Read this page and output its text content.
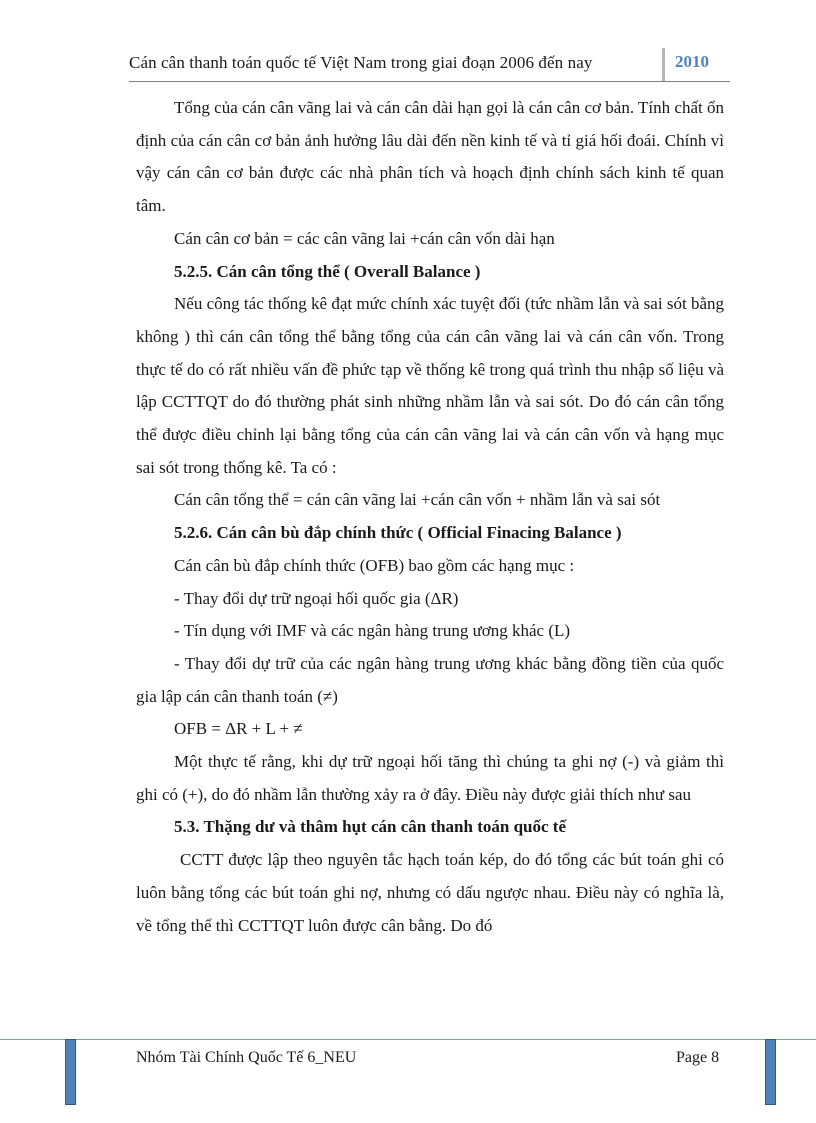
Cán cân thanh toán quốc tế Việt Nam trong giai đoạn 2006 đến nay	2010

Tổng của cán cân vãng lai và cán cân dài hạn gọi là cán cân cơ bản. Tính chất ổn định của cán cân cơ bản ảnh hưởng lâu dài đến nền kinh tế và tỉ giá hối đoái. Chính vì vậy cán cân cơ bản được các nhà phân tích và hoạch định chính sách kinh tế quan tâm.

Cán cân cơ bản = các cân vãng lai +cán cân vốn dài hạn

5.2.5. Cán cân tổng thể ( Overall Balance )

Nếu công tác thống kê đạt mức chính xác tuyệt đối (tức nhầm lẫn và sai sót bằng không ) thì cán cân tổng thể bằng tổng của cán cân vãng lai và cán cân vốn. Trong thực tế do có rất nhiều vấn đề phức tạp về thống kê trong quá trình thu nhập số liệu và lập CCTTQT do đó thường phát sinh những nhầm lẫn và sai sót. Do đó cán cân tổng thể được điều chỉnh lại bằng tổng của cán cân vãng lai và cán cân vốn và hạng mục sai sót trong thống kê. Ta có :

Cán cân tổng thể = cán cân vãng lai +cán cân vốn + nhầm lẫn và sai sót

5.2.6. Cán cân bù đắp chính thức ( Official Finacing Balance )

Cán cân bù đắp chính thức (OFB) bao gồm các hạng mục :

- Thay đổi dự trữ ngoại hối quốc gia (ΔR)

- Tín dụng với IMF và các ngân hàng trung ương khác (L)

- Thay đổi dự trữ của các ngân hàng trung ương khác bằng đồng tiền của quốc gia lập cán cân thanh toán (≠)

OFB = ΔR + L + ≠

Một thực tế rằng, khi dự trữ ngoại hối tăng thì chúng ta ghi nợ (-) và giảm thì ghi có (+), do đó nhầm lẫn thường xảy ra ở đây. Điều này được giải thích như sau

5.3. Thặng dư và thâm hụt cán cân thanh toán quốc tế

CCTT được lập theo nguyên tắc hạch toán kép, do đó tổng các bút toán ghi có luôn bằng tổng các bút toán ghi nợ, nhưng có dấu ngược nhau. Điều này có nghĩa là, về tổng thể thì CCTTQT luôn được cân bằng. Do đó

Nhóm Tài Chính Quốc Tế 6_NEU	Page 8
